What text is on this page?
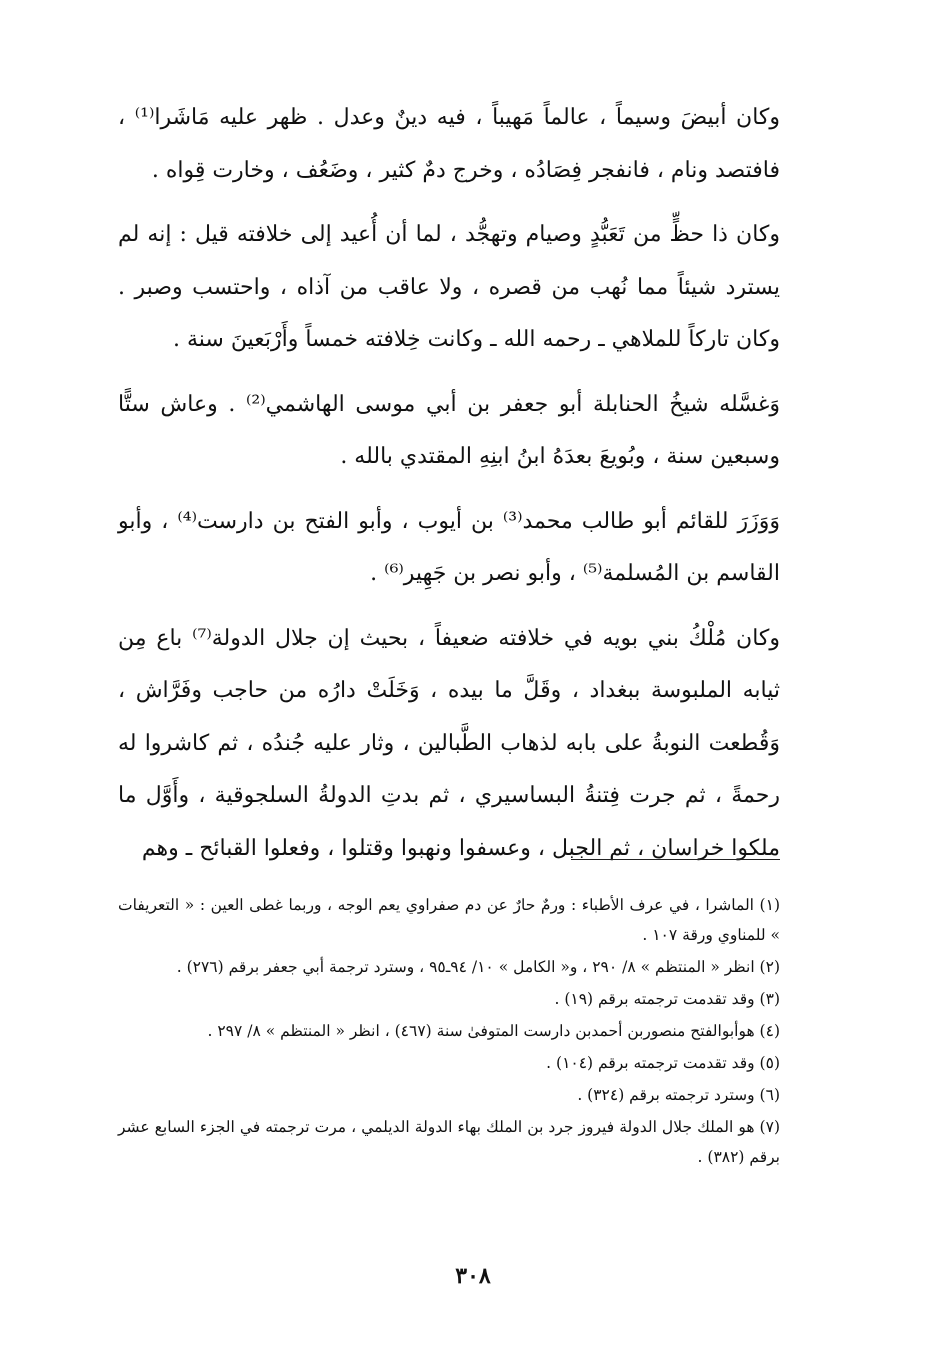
وكان أبيضَ وسيماً ، عالماً مَهيباً ، فيه دينٌ وعدل . ظهر عليه مَاشَرا⁽¹⁾ ، فافتصد ونام ، فانفجر فِصَادُه ، وخرج دمٌ كثير ، وضَعُف ، وخارت قِواه .

وكان ذا حظٍّ من تَعَبُّدٍ وصيام وتهجُّد ، لما أن أُعيد إلى خلافته قيل : إنه لم يسترد شيئاً مما نُهب من قصره ، ولا عاقب من آذاه ، واحتسب وصبر . وكان تاركاً للملاهي ـ رحمه الله ـ وكانت خِلافته خمساً وأَرْبَعينَ سنة .

وَغسَّله شيخُ الحنابلة أبو جعفر بن أبي موسى الهاشمي⁽²⁾ . وعاش ستًّا وسبعين سنة ، وبُويعَ بعدَهُ ابنُ ابنِهِ المقتدي بالله .

وَوَزَرَ للقائم أبو طالب محمد⁽³⁾ بن أيوب ، وأبو الفتح بن دارست⁽⁴⁾ ، وأبو القاسم بن المُسلمة⁽⁵⁾ ، وأبو نصر بن جَهِير⁽⁶⁾ .

وكان مُلْكُ بني بويه في خلافته ضعيفاً ، بحيث إن جلال الدولة⁽⁷⁾ باع مِن ثيابه الملبوسة ببغداد ، وقَلَّ ما بيده ، وَخَلَتْ دارُه من حاجب وفَرَّاش ، وَقُطعت النوبةُ على بابه لذهاب الطَّبالين ، وثار عليه جُندُه ، ثم كاشروا له رحمةً ، ثم جرت فِتنةُ البساسيري ، ثم بدتِ الدولةُ السلجوقية ، وأَوَّل ما ملكوا خراسان ، ثم الجبل ، وعسفوا ونهبوا وقتلوا ، وفعلوا القبائح ـ وهم

(١) الماشرا ، في عرف الأطباء : ورمٌ حارٌ عن دم صفراوي يعم الوجه ، وربما غطى العين : « التعريفات » للمناوي ورقة ١٠٧ .

(٢) انظر « المنتظم » ٨/ ٢٩٠ ، و« الكامل » ١٠/ ٩٤ـ٩٥ ، وسترد ترجمة أبي جعفر برقم (٢٧٦) .

(٣) وقد تقدمت ترجمته برقم (١٩) .

(٤) هوأبوالفتح منصوربن أحمدبن دارست المتوفىٰ سنة (٤٦٧) ، انظر « المنتظم » ٨/ ٢٩٧ .

(٥) وقد تقدمت ترجمته برقم (١٠٤) .

(٦) وسترد ترجمته برقم (٣٢٤) .

(٧) هو الملك جلال الدولة فيروز جرد بن الملك بهاء الدولة الديلمي ، مرت ترجمته في الجزء السابع عشر برقم (٣٨٢) .

٣٠٨
